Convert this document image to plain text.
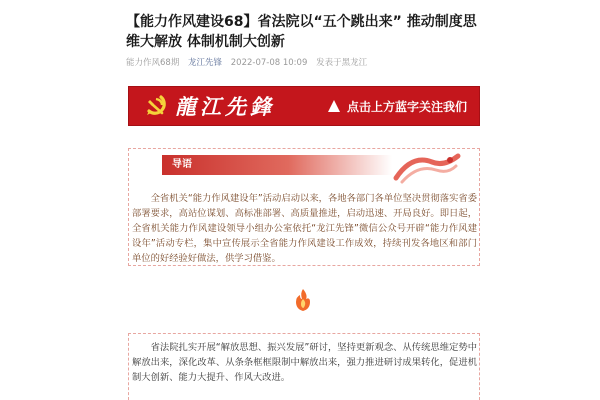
【能力作风建设68】省法院以“五个跳出来” 推动制度思维大解放 体制机制大创新
能力作风68期 龙江先锋 2022-07-08 10:09 发表于黑龙江
龍江先鋒	点击上方蓝字关注我们
导语

全省机关“能力作风建设年”活动启动以来，各地各部门各单位坚决贯彻落实省委部署要求，高站位谋划、高标准部署、高质量推进，启动迅速、开局良好。即日起，全省机关能力作风建设领导小组办公室依托“龙江先锋”微信公众号开辟“能力作风建设年”活动专栏，集中宣传展示全省能力作风建设工作成效，持续刊发各地区和部门单位的好经验好做法，供学习借鉴。

省法院扎实开展“解放思想、振兴发展”研讨，坚持更新观念、从传统思维定势中解放出来，深化改革、从条条框框限制中解放出来，强力推进研讨成果转化，促进机制大创新、能力大提升、作风大改进。
